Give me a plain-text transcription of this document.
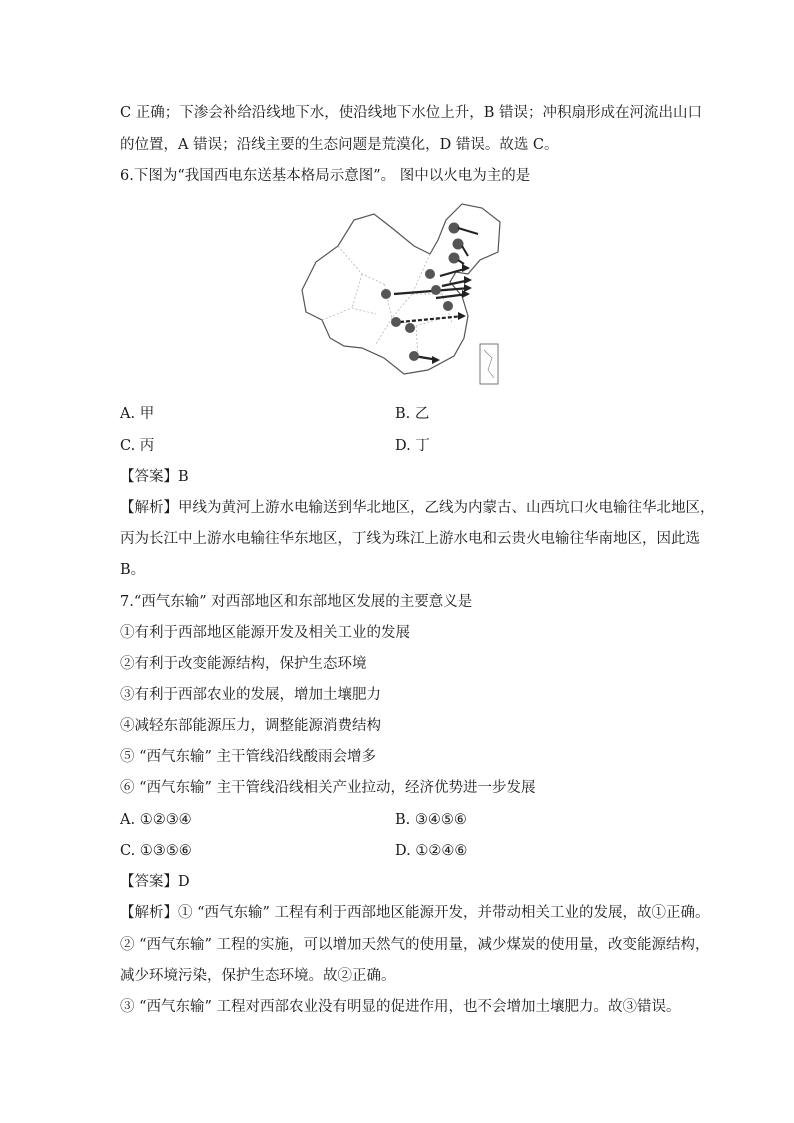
C 正确；下渗会补给沿线地下水，使沿线地下水位上升，B 错误；冲积扇形成在河流出山口
的位置，A 错误；沿线主要的生态问题是荒漠化，D 错误。故选 C。
6.下图为“我国西电东送基本格局示意图”。 图中以火电为主的是
A. 甲	B. 乙
C. 丙	D. 丁
【答案】B
【解析】甲线为黄河上游水电输送到华北地区，乙线为内蒙古、山西坑口火电输往华北地区，
丙为长江中上游水电输往华东地区，丁线为珠江上游水电和云贵火电输往华南地区，因此选
B。
7.“西气东输” 对西部地区和东部地区发展的主要意义是
①有利于西部地区能源开发及相关工业的发展
②有利于改变能源结构，保护生态环境
③有利于西部农业的发展，增加土壤肥力
④减轻东部能源压力，调整能源消费结构
⑤ “西气东输” 主干管线沿线酸雨会增多
⑥ “西气东输” 主干管线沿线相关产业拉动，经济优势进一步发展
A. ①②③④	B. ③④⑤⑥
C. ①③⑤⑥	D. ①②④⑥
【答案】D
【解析】① “西气东输” 工程有利于西部地区能源开发，并带动相关工业的发展，故①正确。
② “西气东输” 工程的实施，可以增加天然气的使用量，减少煤炭的使用量，改变能源结构，
减少环境污染，保护生态环境。故②正确。
③ “西气东输” 工程对西部农业没有明显的促进作用，也不会增加土壤肥力。故③错误。
